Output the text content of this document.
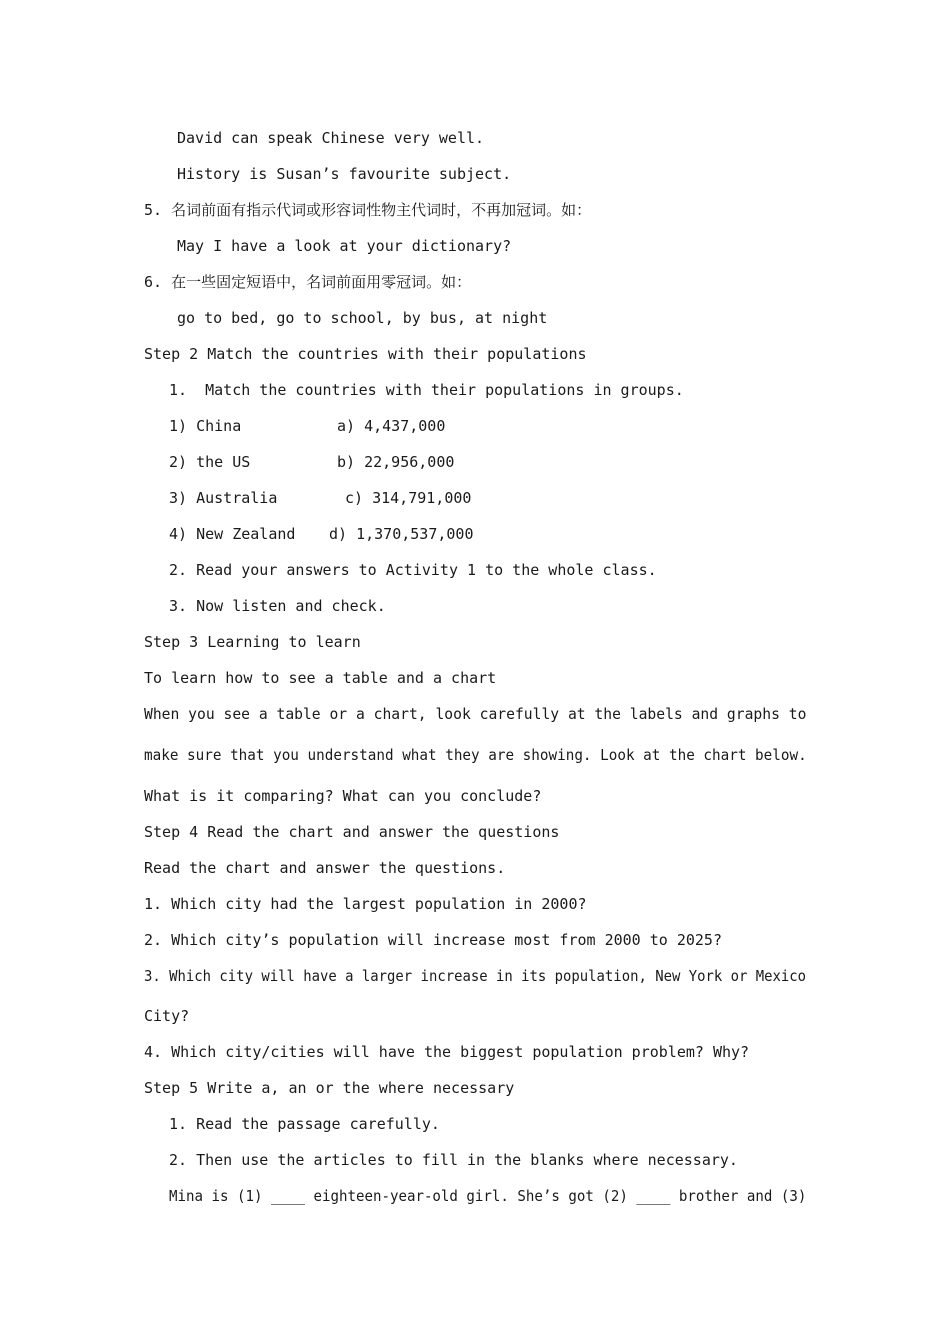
David can speak Chinese very well.
History is Susan’s favourite subject.
5. 名词前面有指示代词或形容词性物主代词时，不再加冠词。如：
May I have a look at your dictionary?
6. 在一些固定短语中，名词前面用零冠词。如：
go to bed, go to school, by bus, at night
Step 2 Match the countries with their populations
1.  Match the countries with their populations in groups.
1) China	a) 4,437,000
2) the US	b) 22,956,000
3) Australia	c) 314,791,000
4) New Zealand d) 1,370,537,000
2. Read your answers to Activity 1 to the whole class.
3. Now listen and check.
Step 3 Learning to learn
To learn how to see a table and a chart
When you see a table or a chart, look carefully at the labels and graphs to
make sure that you understand what they are showing. Look at the chart below.
What is it comparing? What can you conclude?
Step 4 Read the chart and answer the questions
Read the chart and answer the questions.
1. Which city had the largest population in 2000?
2. Which city’s population will increase most from 2000 to 2025?
3. Which city will have a larger increase in its population, New York or Mexico
City?
4. Which city/cities will have the biggest population problem? Why?
Step 5 Write a, an or the where necessary
1. Read the passage carefully.
2. Then use the articles to fill in the blanks where necessary.
Mina is (1) ____ eighteen-year-old girl. She’s got (2) ____ brother and (3)
